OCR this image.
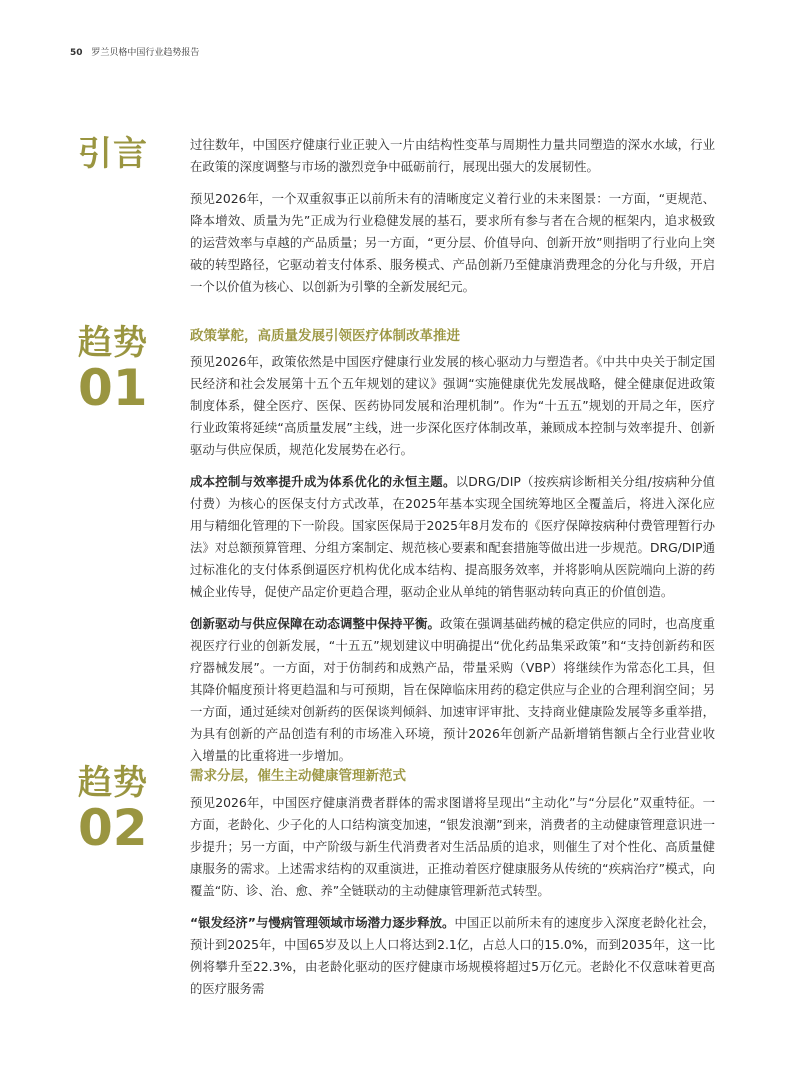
50 罗兰贝格中国行业趋势报告
引言	过往数年，中国医疗健康行业正驶入一片由结构性变革与周期性力量共同塑造的深水水域，行业在政策的深度调整与市场的激烈竞争中砥砺前行，展现出强大的发展韧性。

预见2026年，一个双重叙事正以前所未有的清晰度定义着行业的未来图景：一方面，“更规范、降本增效、质量为先”正成为行业稳健发展的基石，要求所有参与者在合规的框架内，追求极致的运营效率与卓越的产品质量；另一方面，“更分层、价值导向、创新开放”则指明了行业向上突破的转型路径，它驱动着支付体系、服务模式、产品创新乃至健康消费理念的分化与升级，开启一个以价值为核心、以创新为引擎的全新发展纪元。

趋势
01
政策掌舵，高质量发展引领医疗体制改革推进

预见2026年，政策依然是中国医疗健康行业发展的核心驱动力与塑造者。《中共中央关于制定国民经济和社会发展第十五个五年规划的建议》强调“实施健康优先发展战略，健全健康促进政策制度体系，健全医疗、医保、医药协同发展和治理机制”。作为“十五五”规划的开局之年，医疗行业政策将延续“高质量发展”主线，进一步深化医疗体制改革，兼顾成本控制与效率提升、创新驱动与供应保质，规范化发展势在必行。

成本控制与效率提升成为体系优化的永恒主题。以DRG/DIP（按疾病诊断相关分组/按病种分值付费）为核心的医保支付方式改革，在2025年基本实现全国统筹地区全覆盖后，将进入深化应用与精细化管理的下一阶段。国家医保局于2025年8月发布的《医疗保障按病种付费管理暂行办法》对总额预算管理、分组方案制定、规范核心要素和配套措施等做出进一步规范。DRG/DIP通过标准化的支付体系倒逼医疗机构优化成本结构、提高服务效率，并将影响从医院端向上游的药械企业传导，促使产品定价更趋合理，驱动企业从单纯的销售驱动转向真正的价值创造。

创新驱动与供应保障在动态调整中保持平衡。政策在强调基础药械的稳定供应的同时，也高度重视医疗行业的创新发展，“十五五”规划建议中明确提出“优化药品集采政策”和“支持创新药和医疗器械发展”。一方面，对于仿制药和成熟产品，带量采购（VBP）将继续作为常态化工具，但其降价幅度预计将更趋温和与可预期，旨在保障临床用药的稳定供应与企业的合理利润空间；另一方面，通过延续对创新药的医保谈判倾斜、加速审评审批、支持商业健康险发展等多重举措，为具有创新的产品创造有利的市场准入环境，预计2026年创新产品新增销售额占全行业营业收入增量的比重将进一步增加。

趋势
02
需求分层，催生主动健康管理新范式

预见2026年，中国医疗健康消费者群体的需求图谱将呈现出“主动化”与“分层化”双重特征。一方面，老龄化、少子化的人口结构演变加速，“银发浪潮”到来，消费者的主动健康管理意识进一步提升；另一方面，中产阶级与新生代消费者对生活品质的追求，则催生了对个性化、高质量健康服务的需求。上述需求结构的双重演进，正推动着医疗健康服务从传统的“疾病治疗”模式，向覆盖“防、诊、治、愈、养”全链联动的主动健康管理新范式转型。

“银发经济”与慢病管理领域市场潜力逐步释放。中国正以前所未有的速度步入深度老龄化社会，预计到2025年，中国65岁及以上人口将达到2.1亿，占总人口的15.0%，而到2035年，这一比例将攀升至22.3%，由老龄化驱动的医疗健康市场规模将超过5万亿元。老龄化不仅意味着更高的医疗服务需
